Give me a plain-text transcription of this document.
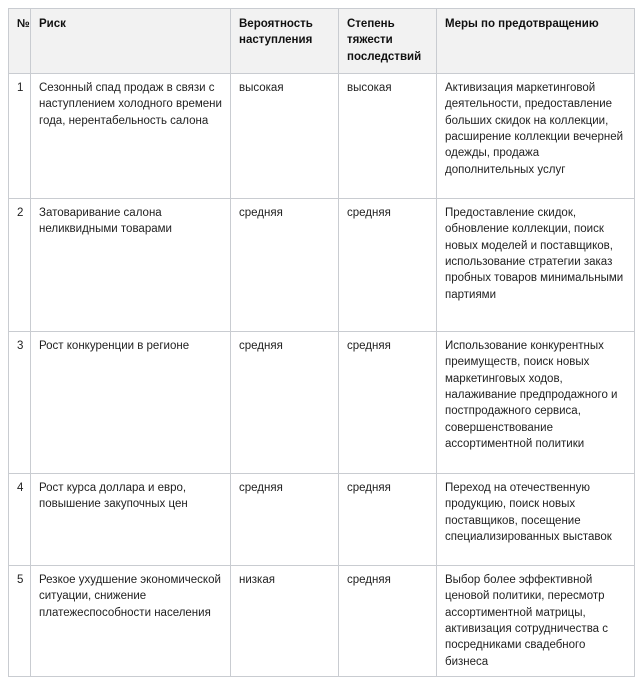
№	Риск	Вероятность наступления	Степень тяжести последствий	Меры по предотвращению
1	Сезонный спад продаж в связи с наступлением холодного времени года, нерентабельность салона	высокая	высокая	Активизация маркетинговой деятельности, предоставление больших скидок на коллекции, расширение коллекции вечерней одежды, продажа дополнительных услуг
2	Затоваривание салона неликвидными товарами	средняя	средняя	Предоставление скидок, обновление коллекции, поиск новых моделей и поставщиков, использование стратегии заказ пробных товаров минимальными партиями
3	Рост конкуренции в регионе	средняя	средняя	Использование конкурентных преимуществ, поиск новых маркетинговых ходов, налаживание предпродажного и постпродажного сервиса, совершенствование ассортиментной политики
4	Рост курса доллара и евро, повышение закупочных цен	средняя	средняя	Переход на отечественную продукцию, поиск новых поставщиков, посещение специализированных выставок
5	Резкое ухудшение экономической ситуации, снижение платежеспособности населения	низкая	средняя	Выбор более эффективной ценовой политики, пересмотр ассортиментной матрицы, активизация сотрудничества с посредниками свадебного бизнеса
